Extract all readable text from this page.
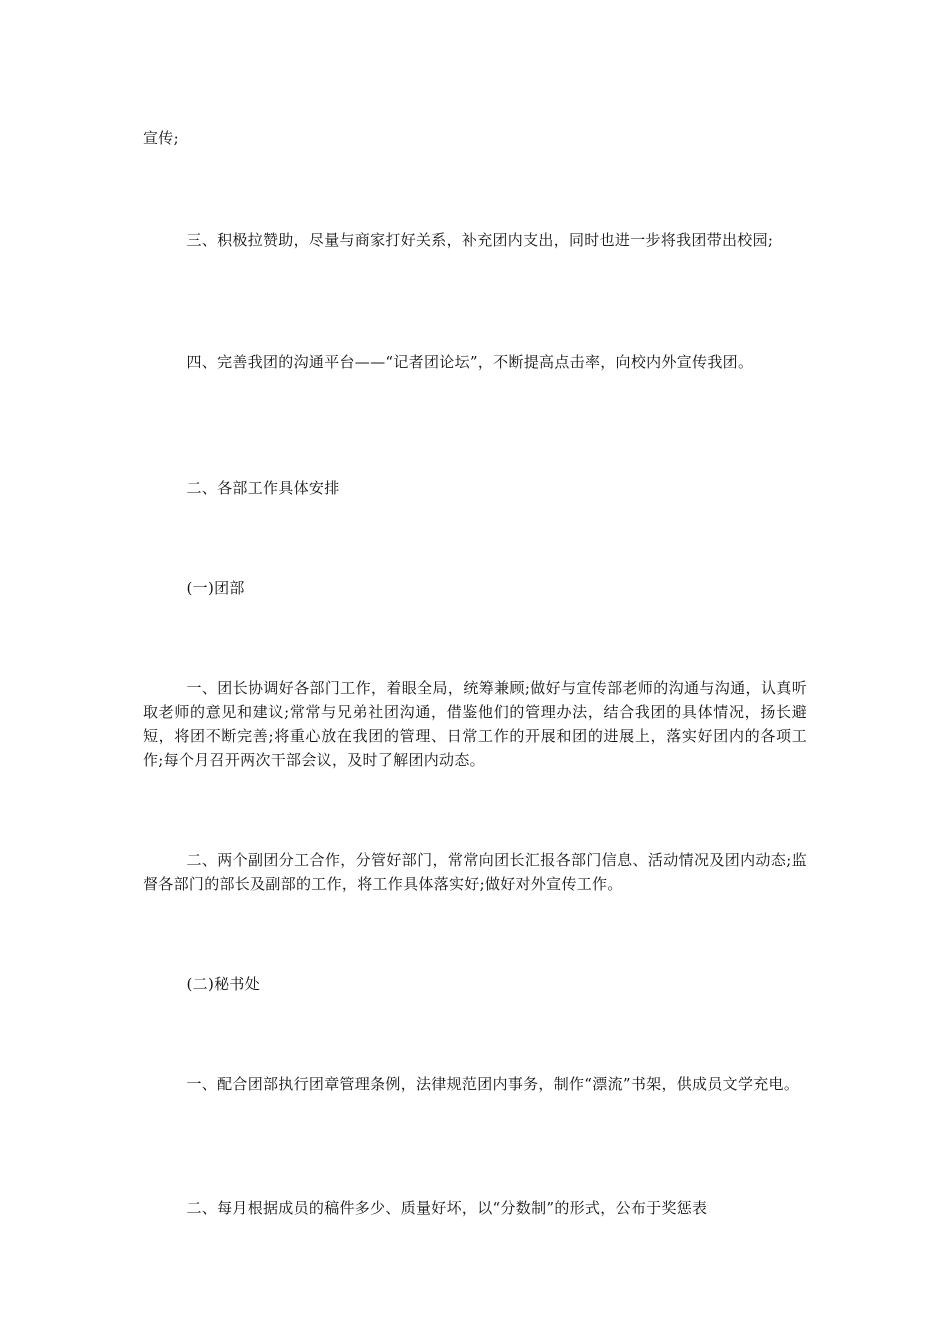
宣传;

三、积极拉赞助，尽量与商家打好关系，补充团内支出，同时也进一步将我团带出校园;

四、完善我团的沟通平台——“记者团论坛”，不断提高点击率，向校内外宣传我团。

二、各部工作具体安排

(一)团部

一、团长协调好各部门工作，着眼全局，统筹兼顾;做好与宣传部老师的沟通与沟通，认真听取老师的意见和建议;常常与兄弟社团沟通，借鉴他们的管理办法，结合我团的具体情况，扬长避短，将团不断完善;将重心放在我团的管理、日常工作的开展和团的进展上，落实好团内的各项工作;每个月召开两次干部会议，及时了解团内动态。

二、两个副团分工合作，分管好部门，常常向团长汇报各部门信息、活动情况及团内动态;监督各部门的部长及副部的工作，将工作具体落实好;做好对外宣传工作。

(二)秘书处

一、配合团部执行团章管理条例，法律规范团内事务，制作“漂流”书架，供成员文学充电。

二、每月根据成员的稿件多少、质量好坏，以“分数制”的形式，公布于奖惩表
